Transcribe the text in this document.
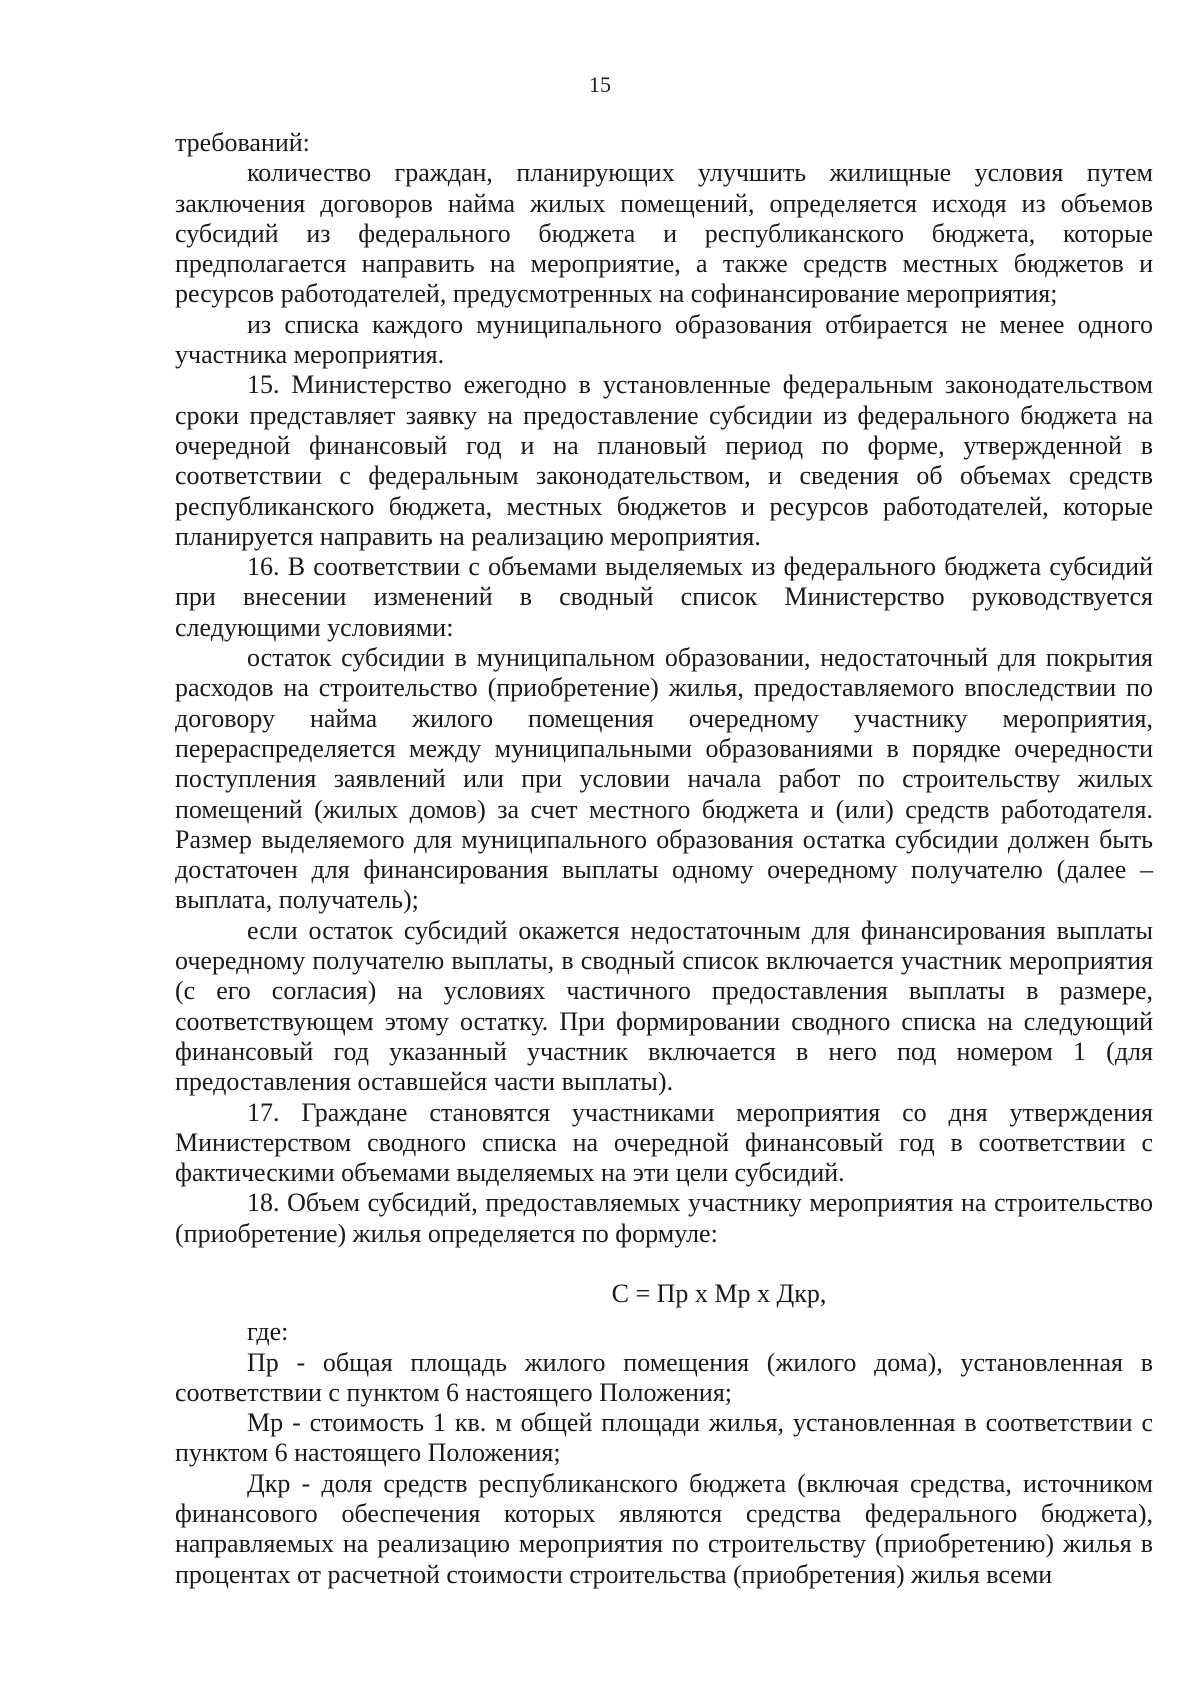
15

требований:

количество граждан, планирующих улучшить жилищные условия путем заключения договоров найма жилых помещений, определяется исходя из объемов субсидий из федерального бюджета и республиканского бюджета, которые предполагается направить на мероприятие, а также средств местных бюджетов и ресурсов работодателей, предусмотренных на софинансирование мероприятия;

из списка каждого муниципального образования отбирается не менее одного участника мероприятия.

15. Министерство ежегодно в установленные федеральным законодательством сроки представляет заявку на предоставление субсидии из федерального бюджета на очередной финансовый год и на плановый период по форме, утвержденной в соответствии с федеральным законодательством, и сведения об объемах средств республиканского бюджета, местных бюджетов и ресурсов работодателей, которые планируется направить на реализацию мероприятия.

16. В соответствии с объемами выделяемых из федерального бюджета субсидий при внесении изменений в сводный список Министерство руководствуется следующими условиями:

остаток субсидии в муниципальном образовании, недостаточный для покрытия расходов на строительство (приобретение) жилья, предоставляемого впоследствии по договору найма жилого помещения очередному участнику мероприятия, перераспределяется между муниципальными образованиями в порядке очередности поступления заявлений или при условии начала работ по строительству жилых помещений (жилых домов) за счет местного бюджета и (или) средств работодателя. Размер выделяемого для муниципального образования остатка субсидии должен быть достаточен для финансирования выплаты одному очередному получателю (далее – выплата, получатель);

если остаток субсидий окажется недостаточным для финансирования выплаты очередному получателю выплаты, в сводный список включается участник мероприятия (с его согласия) на условиях частичного предоставления выплаты в размере, соответствующем этому остатку. При формировании сводного списка на следующий финансовый год указанный участник включается в него под номером 1 (для предоставления оставшейся части выплаты).

17. Граждане становятся участниками мероприятия со дня утверждения Министерством сводного списка на очередной финансовый год в соответствии с фактическими объемами выделяемых на эти цели субсидий.

18. Объем субсидий, предоставляемых участнику мероприятия на строительство (приобретение) жилья определяется по формуле:

С = Пр х Мр х Дкр,

где:

Пр - общая площадь жилого помещения (жилого дома), установленная в соответствии с пунктом 6 настоящего Положения;

Мр - стоимость 1 кв. м общей площади жилья, установленная в соответствии с пунктом 6 настоящего Положения;

Дкр - доля средств республиканского бюджета (включая средства, источником финансового обеспечения которых являются средства федерального бюджета), направляемых на реализацию мероприятия по строительству (приобретению) жилья в процентах от расчетной стоимости строительства (приобретения) жилья всеми
